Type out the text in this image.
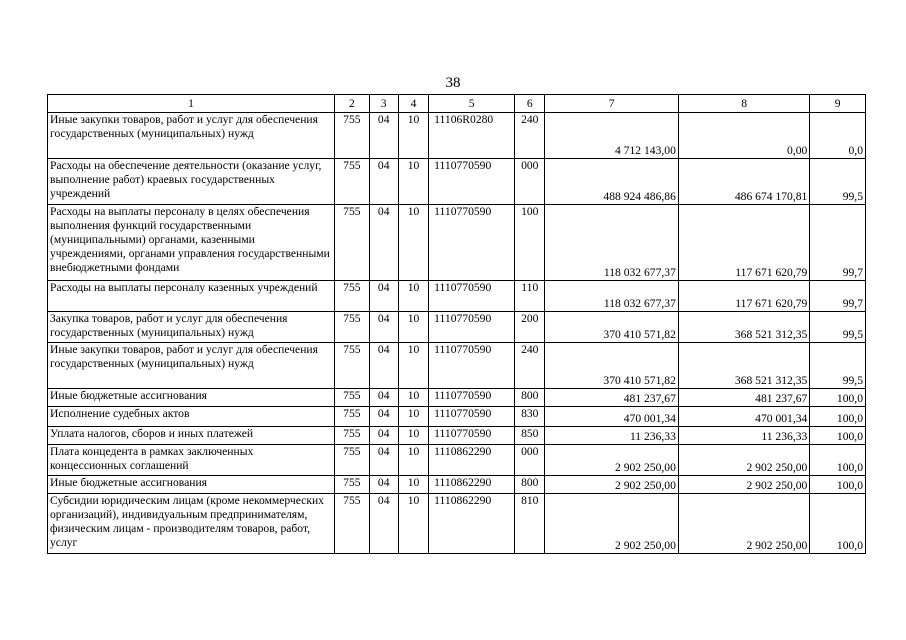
38
1	2	3	4	5	6	7	8	9
Иные закупки товаров, работ и услуг для обеспечения государственных (муниципальных) нужд	755	04	10	11106R0280	240	4 712 143,00	0,00	0,0
Расходы на обеспечение деятельности (оказание услуг, выполнение работ) краевых государственных учреждений	755	04	10	1110770590	000	488 924 486,86	486 674 170,81	99,5
Расходы на выплаты персоналу в целях обеспечения выполнения функций государственными (муниципальными) органами, казенными учреждениями, органами управления государственными внебюджетными фондами	755	04	10	1110770590	100	118 032 677,37	117 671 620,79	99,7
Расходы на выплаты персоналу казенных учреждений	755	04	10	1110770590	110	118 032 677,37	117 671 620,79	99,7
Закупка товаров, работ и услуг для обеспечения государственных (муниципальных) нужд	755	04	10	1110770590	200	370 410 571,82	368 521 312,35	99,5
Иные закупки товаров, работ и услуг для обеспечения государственных (муниципальных) нужд	755	04	10	1110770590	240	370 410 571,82	368 521 312,35	99,5
Иные бюджетные ассигнования	755	04	10	1110770590	800	481 237,67	481 237,67	100,0
Исполнение судебных актов	755	04	10	1110770590	830	470 001,34	470 001,34	100,0
Уплата налогов, сборов и иных платежей	755	04	10	1110770590	850	11 236,33	11 236,33	100,0
Плата концедента в рамках заключенных концессионных соглашений	755	04	10	1110862290	000	2 902 250,00	2 902 250,00	100,0
Иные бюджетные ассигнования	755	04	10	1110862290	800	2 902 250,00	2 902 250,00	100,0
Субсидии юридическим лицам (кроме некоммерческих организаций), индивидуальным предпринимателям, физическим лицам - производителям товаров, работ, услуг	755	04	10	1110862290	810	2 902 250,00	2 902 250,00	100,0
